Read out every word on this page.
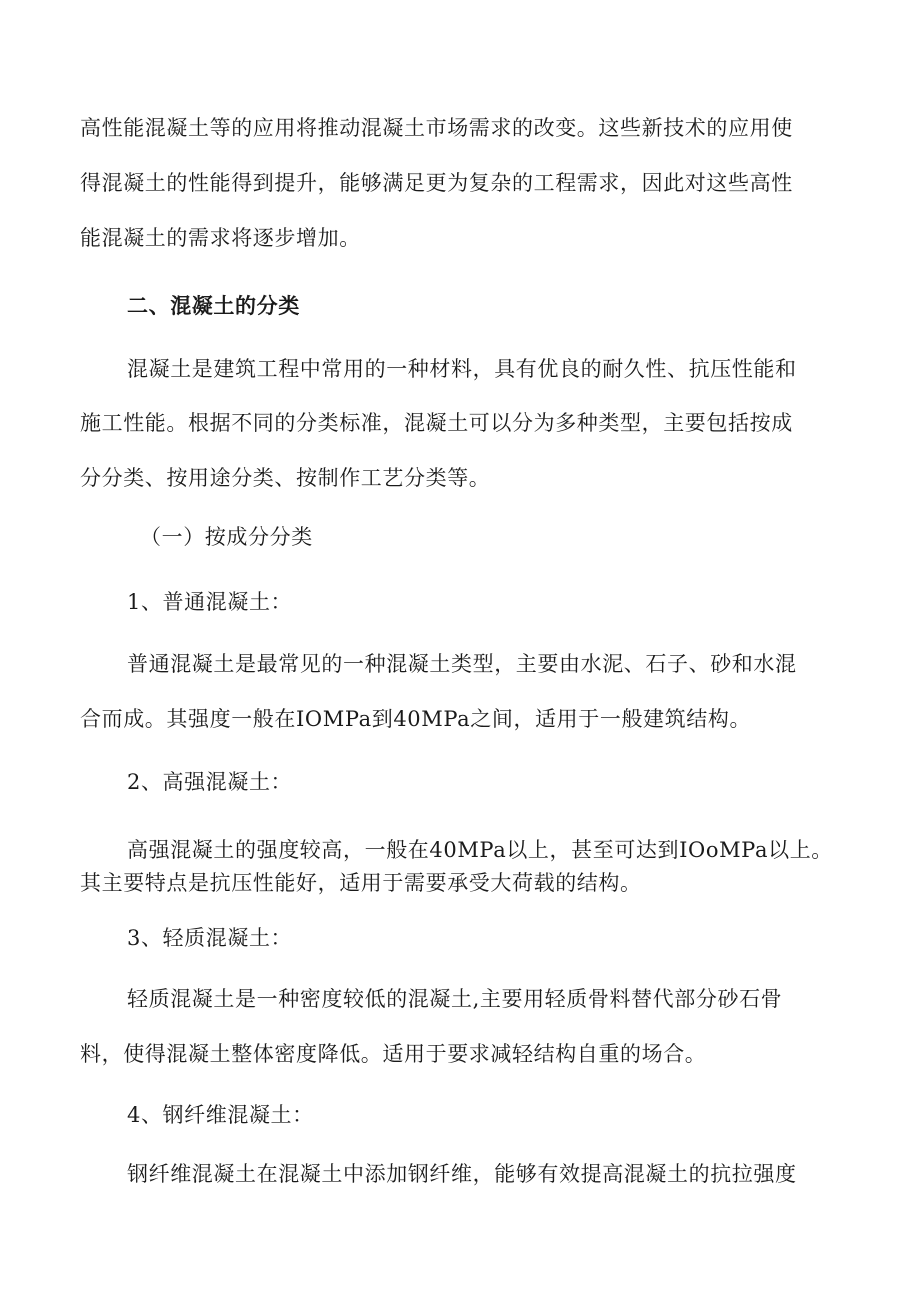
高性能混凝土等的应用将推动混凝土市场需求的改变。这些新技术的应用使
得混凝土的性能得到提升，能够满足更为复杂的工程需求，因此对这些高性
能混凝土的需求将逐步增加。
二、混凝土的分类
混凝土是建筑工程中常用的一种材料，具有优良的耐久性、抗压性能和
施工性能。根据不同的分类标准，混凝土可以分为多种类型，主要包括按成
分分类、按用途分类、按制作工艺分类等。
（一）按成分分类
1、普通混凝土：
普通混凝土是最常见的一种混凝土类型，主要由水泥、石子、砂和水混
合而成。其强度一般在IOMPa到40MPa之间，适用于一般建筑结构。
2、高强混凝土：
高强混凝土的强度较高，一般在40MPa以上，甚至可达到IOoMPa以上。
其主要特点是抗压性能好，适用于需要承受大荷载的结构。
3、轻质混凝土：
轻质混凝土是一种密度较低的混凝土,主要用轻质骨料替代部分砂石骨
料，使得混凝土整体密度降低。适用于要求减轻结构自重的场合。
4、钢纤维混凝土：
钢纤维混凝土在混凝土中添加钢纤维，能够有效提高混凝土的抗拉强度
